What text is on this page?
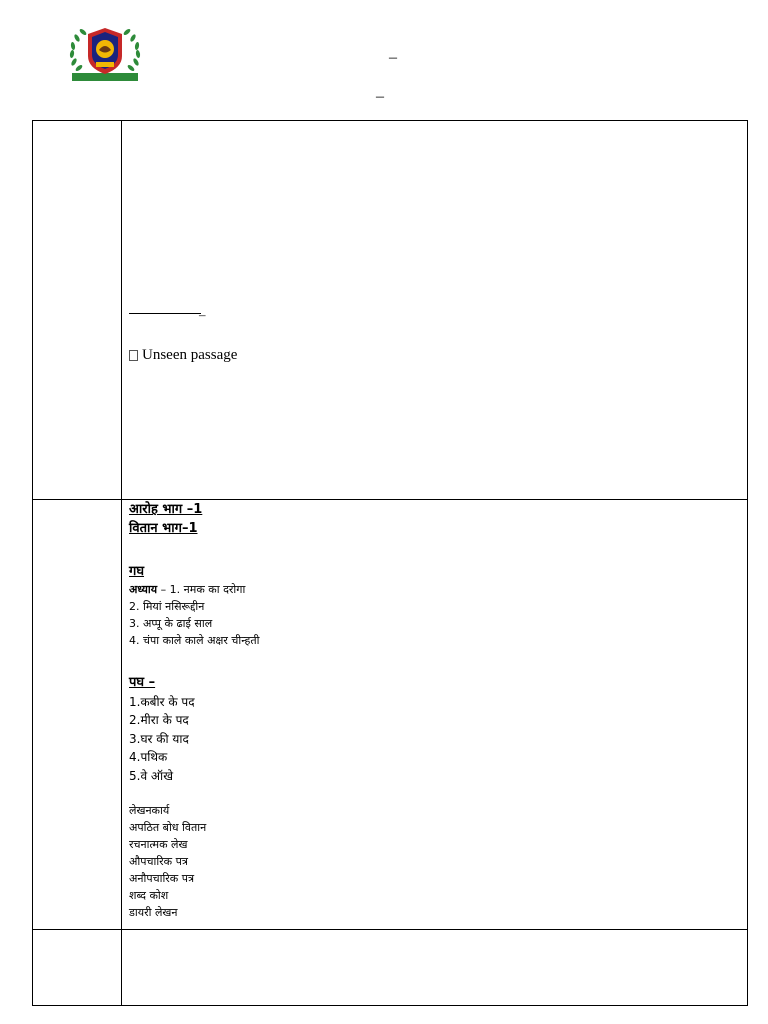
–
–
–
Unseen passage
आरोह भाग –1
वितान भाग–1
गघ
अध्याय – 1. नमक का दरोगा
2. मियां नसिरूद्दीन
3. अप्पू के ढाई साल
4. चंपा काले काले अक्षर चीन्हती
पघ –
1.कबीर के पद
2.मीरा के पद
3.घर की याद
4.पथिक
5.वे ऑखे
लेखनकार्य
अपठित बोध वितान
रचनात्मक लेख
औपचारिक पत्र
अनौपचारिक पत्र
शब्द कोश
डायरी लेखन
